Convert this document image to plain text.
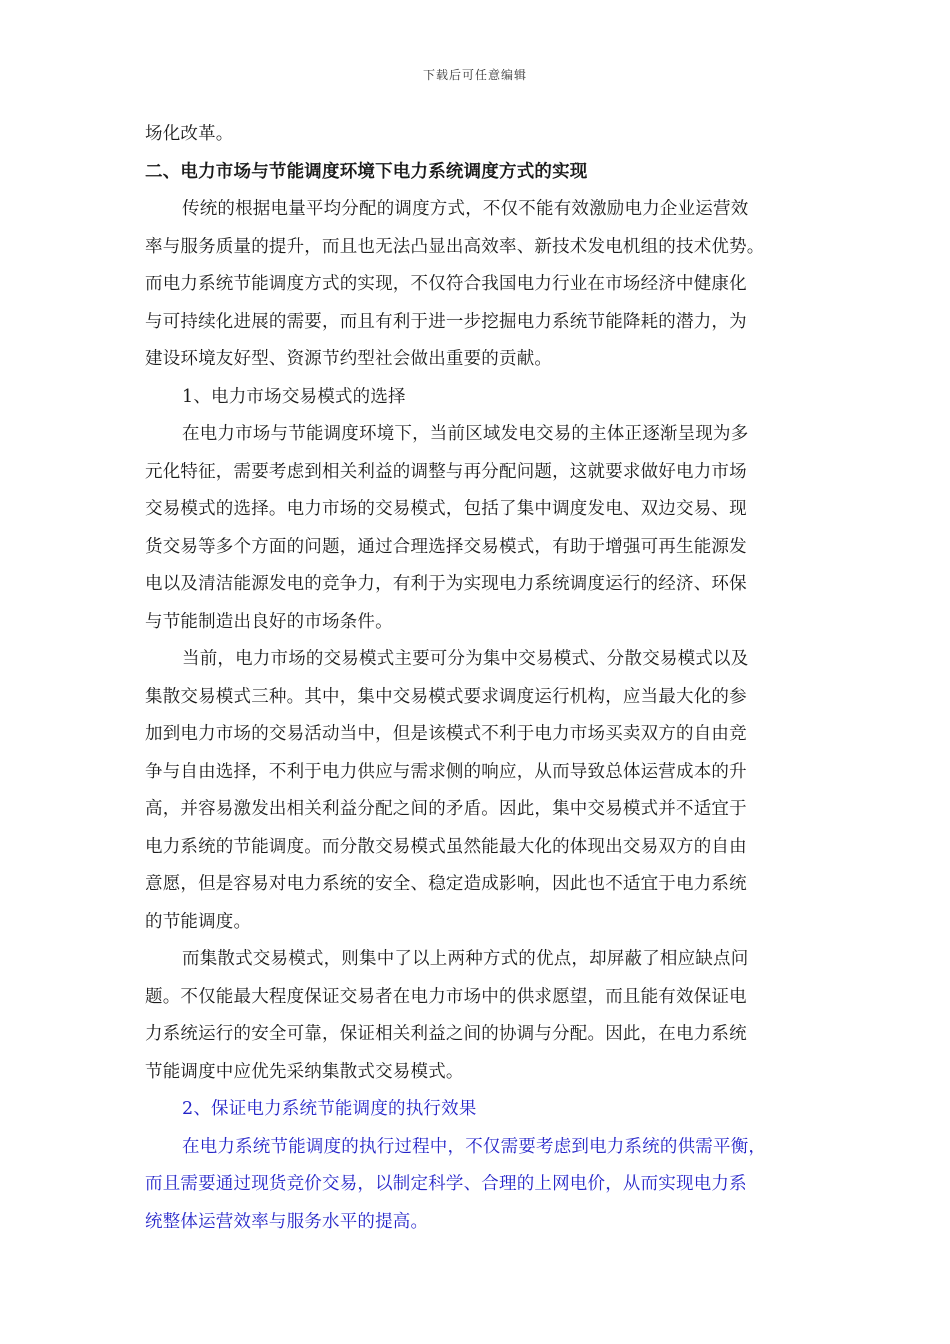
下载后可任意编辑
场化改革。
二、电力市场与节能调度环境下电力系统调度方式的实现
传统的根据电量平均分配的调度方式，不仅不能有效激励电力企业运营效
率与服务质量的提升，而且也无法凸显出高效率、新技术发电机组的技术优势。
而电力系统节能调度方式的实现，不仅符合我国电力行业在市场经济中健康化
与可持续化进展的需要，而且有利于进一步挖掘电力系统节能降耗的潜力，为
建设环境友好型、资源节约型社会做出重要的贡献。
1、电力市场交易模式的选择
在电力市场与节能调度环境下，当前区域发电交易的主体正逐渐呈现为多
元化特征，需要考虑到相关利益的调整与再分配问题，这就要求做好电力市场
交易模式的选择。电力市场的交易模式，包括了集中调度发电、双边交易、现
货交易等多个方面的问题，通过合理选择交易模式，有助于增强可再生能源发
电以及清洁能源发电的竞争力，有利于为实现电力系统调度运行的经济、环保
与节能制造出良好的市场条件。
当前，电力市场的交易模式主要可分为集中交易模式、分散交易模式以及
集散交易模式三种。其中，集中交易模式要求调度运行机构，应当最大化的参
加到电力市场的交易活动当中，但是该模式不利于电力市场买卖双方的自由竞
争与自由选择，不利于电力供应与需求侧的响应，从而导致总体运营成本的升
高，并容易激发出相关利益分配之间的矛盾。因此，集中交易模式并不适宜于
电力系统的节能调度。而分散交易模式虽然能最大化的体现出交易双方的自由
意愿，但是容易对电力系统的安全、稳定造成影响，因此也不适宜于电力系统
的节能调度。
而集散式交易模式，则集中了以上两种方式的优点，却屏蔽了相应缺点问
题。不仅能最大程度保证交易者在电力市场中的供求愿望，而且能有效保证电
力系统运行的安全可靠，保证相关利益之间的协调与分配。因此，在电力系统
节能调度中应优先采纳集散式交易模式。
2、保证电力系统节能调度的执行效果
在电力系统节能调度的执行过程中，不仅需要考虑到电力系统的供需平衡，
而且需要通过现货竞价交易，以制定科学、合理的上网电价，从而实现电力系
统整体运营效率与服务水平的提高。
